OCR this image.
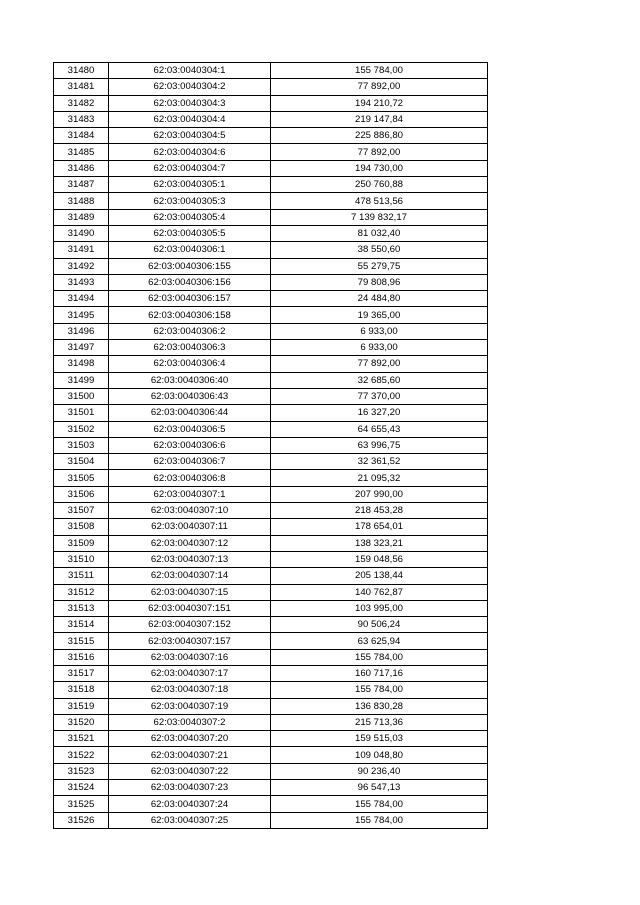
31480	62:03:0040304:1	155 784,00
31481	62:03:0040304:2	77 892,00
31482	62:03:0040304:3	194 210,72
31483	62:03:0040304:4	219 147,84
31484	62:03:0040304:5	225 886,80
31485	62:03:0040304:6	77 892,00
31486	62:03:0040304:7	194 730,00
31487	62:03:0040305:1	250 760,88
31488	62:03:0040305:3	478 513,56
31489	62:03:0040305:4	7 139 832,17
31490	62:03:0040305:5	81 032,40
31491	62:03:0040306:1	38 550,60
31492	62:03:0040306:155	55 279,75
31493	62:03:0040306:156	79 808,96
31494	62:03:0040306:157	24 484,80
31495	62:03:0040306:158	19 365,00
31496	62:03:0040306:2	6 933,00
31497	62:03:0040306:3	6 933,00
31498	62:03:0040306:4	77 892,00
31499	62:03:0040306:40	32 685,60
31500	62:03:0040306:43	77 370,00
31501	62:03:0040306:44	16 327,20
31502	62:03:0040306:5	64 655,43
31503	62:03:0040306:6	63 996,75
31504	62:03:0040306:7	32 361,52
31505	62:03:0040306:8	21 095,32
31506	62:03:0040307:1	207 990,00
31507	62:03:0040307:10	218 453,28
31508	62:03:0040307:11	178 654,01
31509	62:03:0040307:12	138 323,21
31510	62:03:0040307:13	159 048,56
31511	62:03:0040307:14	205 138,44
31512	62:03:0040307:15	140 762,87
31513	62:03:0040307:151	103 995,00
31514	62:03:0040307:152	90 506,24
31515	62:03:0040307:157	63 625,94
31516	62:03:0040307:16	155 784,00
31517	62:03:0040307:17	160 717,16
31518	62:03:0040307:18	155 784,00
31519	62:03:0040307:19	136 830,28
31520	62:03:0040307:2	215 713,36
31521	62:03:0040307:20	159 515,03
31522	62:03:0040307:21	109 048,80
31523	62:03:0040307:22	90 236,40
31524	62:03:0040307:23	96 547,13
31525	62:03:0040307:24	155 784,00
31526	62:03:0040307:25	155 784,00
